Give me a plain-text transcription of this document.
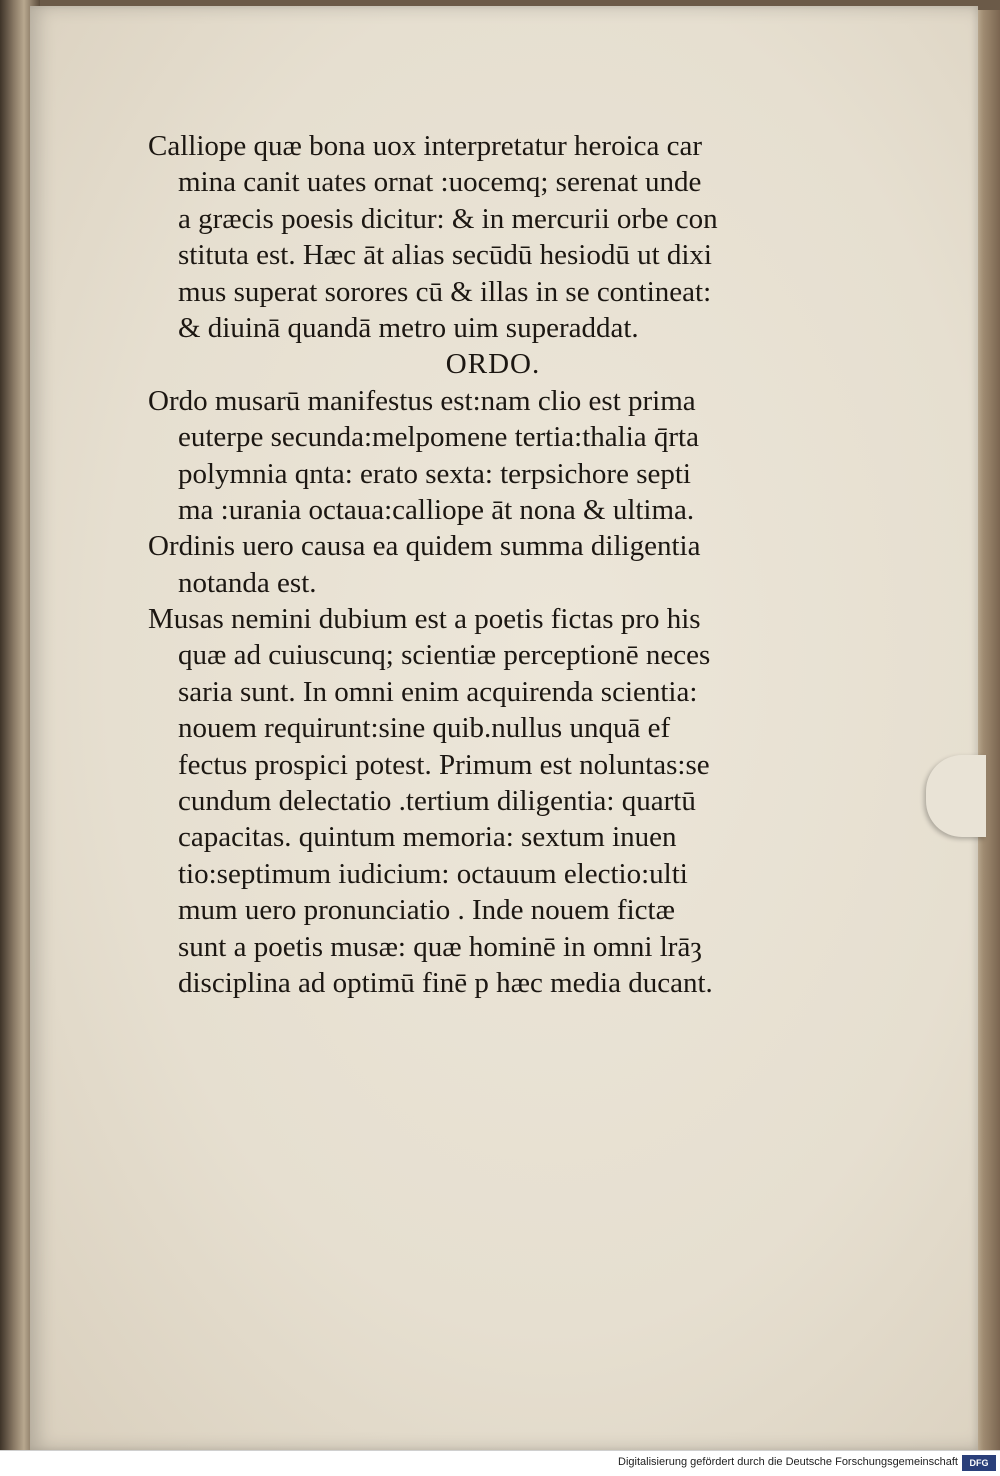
Calliope quæ bona uox interpretatur heroica car
mina canit uates ornat :uocemq; serenat unde
a græcis poesis dicitur: & in mercurii orbe con
stituta est. Hæc āt alias secūdū hesiodū ut dixi
mus superat sorores cū & illas in se contineat:
& diuinā quandā metro uim superaddat.
ORDO.
Ordo musarū manifestus est:nam clio est prima
euterpe secunda:melpomene tertia:thalia q̄rta
polymnia qnta: erato sexta: terpsichore septi
ma :urania octaua:calliope āt nona & ultima.
Ordinis uero causa ea quidem summa diligentia
notanda est.
Musas nemini dubium est a poetis fictas pro his
quæ ad cuiuscunq; scientiæ perceptionē neces
saria sunt. In omni enim acquirenda scientia:
nouem requirunt:sine quib.nullus unquā ef
fectus prospici potest. Primum est noluntas:se
cundum delectatio .tertium diligentia: quartū
capacitas. quintum memoria: sextum inuen
tio:septimum iudicium: octauum electio:ulti
mum uero pronunciatio . Inde nouem fictæ
sunt a poetis musæ: quæ hominē in omni lrāȝ
disciplina ad optimū finē p hæc media ducant.
Digitalisierung gefördert durch die Deutsche Forschungsgemeinschaft	DFG
